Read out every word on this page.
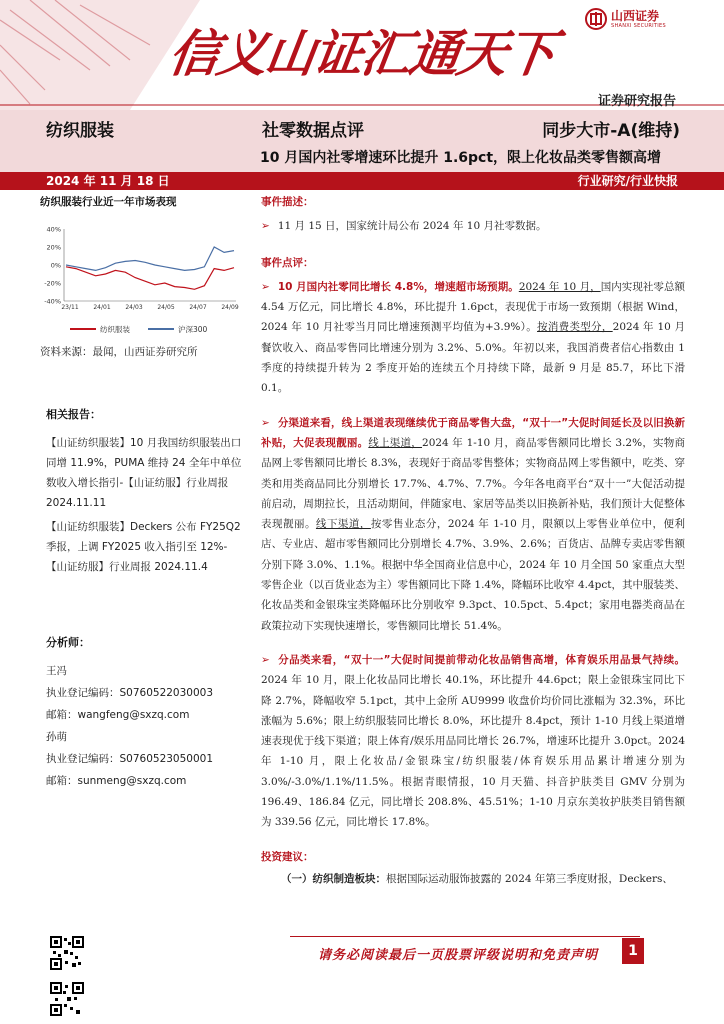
信义山证汇通天下
山西证券
SHANXI SECURITIES
证券研究报告
纺织服装	社零数据点评	同步大市-A(维持)
10 月国内社零增速环比提升 1.6pct，限上化妆品类零售额高增
2024 年 11 月 18 日	行业研究/行业快报
纺织服装行业近一年市场表现
40%
20%
0%
-20%
-40%
23/11 24/01 24/03 24/05 24/07 24/09
纺织服装	沪深300
资料来源：最闻，山西证券研究所
相关报告：
【山证纺织服装】10 月我国纺织服装出口同增 11.9%，PUMA 维持 24 全年中单位数收入增长指引-【山证纺服】行业周报 2024.11.11
【山证纺织服装】Deckers 公布 FY25Q2 季报，上调 FY2025 收入指引至 12%-【山证纺服】行业周报 2024.11.4
分析师：
王冯
执业登记编码：S0760522030003
邮箱：wangfeng@sxzq.com
孙萌
执业登记编码：S0760523050001
邮箱：sunmeng@sxzq.com
事件描述：
➢ 11 月 15 日，国家统计局公布 2024 年 10 月社零数据。
事件点评：
➢ 10 月国内社零同比增长 4.8%，增速超市场预期。2024 年 10 月，国内实现社零总额 4.54 万亿元，同比增长 4.8%，环比提升 1.6pct，表现优于市场一致预期（根据 Wind，2024 年 10 月社零当月同比增速预测平均值为+3.9%）。按消费类型分，2024 年 10 月餐饮收入、商品零售同比增速分别为 3.2%、5.0%。年初以来，我国消费者信心指数由 1 季度的持续提升转为 2 季度开始的连续五个月持续下降，最新 9 月是 85.7，环比下滑 0.1。
➢ 分渠道来看，线上渠道表现继续优于商品零售大盘，“双十一”大促时间延长及以旧换新补贴，大促表现靓丽。线上渠道，2024 年 1-10 月，商品零售额同比增长 3.2%，实物商品网上零售额同比增长 8.3%，表现好于商品零售整体；实物商品网上零售额中，吃类、穿类和用类商品同比分别增长 17.7%、4.7%、7.7%。今年各电商平台“双十一”大促活动提前启动，周期拉长，且活动期间，伴随家电、家居等品类以旧换新补贴，我们预计大促整体表现靓丽。线下渠道，按零售业态分，2024 年 1-10 月，限额以上零售业单位中，便利店、专业店、超市零售额同比分别增长 4.7%、3.9%、2.6%；百货店、品牌专卖店零售额分别下降 3.0%、1.1%。根据中华全国商业信息中心，2024 年 10 月全国 50 家重点大型零售企业（以百货业态为主）零售额同比下降 1.4%，降幅环比收窄 4.4pct，其中服装类、化妆品类和金银珠宝类降幅环比分别收窄 9.3pct、10.5pct、5.4pct；家用电器类商品在政策拉动下实现快速增长，零售额同比增长 51.4%。
➢ 分品类来看，“双十一”大促时间提前带动化妆品销售高增，体育娱乐用品景气持续。2024 年 10 月，限上化妆品同比增长 40.1%，环比提升 44.6pct；限上金银珠宝同比下降 2.7%，降幅收窄 5.1pct，其中上金所 AU9999 收盘价均价同比涨幅为 32.3%，环比涨幅为 5.6%；限上纺织服装同比增长 8.0%，环比提升 8.4pct，预计 1-10 月线上渠道增速表现优于线下渠道；限上体育/娱乐用品同比增长 26.7%，增速环比提升 3.0pct。2024 年 1-10 月，限上化妆品/金银珠宝/纺织服装/体育娱乐用品累计增速分别为 3.0%/-3.0%/1.1%/11.5%。根据青眼情报，10 月天猫、抖音护肤类目 GMV 分别为 196.49、186.84 亿元，同比增长 208.8%、45.51%；1-10 月京东美妆护肤类目销售额为 339.56 亿元，同比增长 17.8%。
投资建议：
（一）纺织制造板块：根据国际运动服饰披露的 2024 年第三季度财报，Deckers、
请务必阅读最后一页股票评级说明和免责声明	1
